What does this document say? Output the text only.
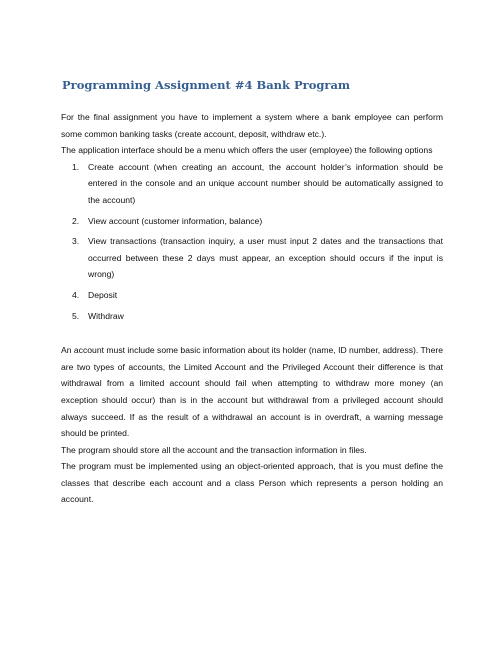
Programming Assignment #4 Bank Program

For the final assignment you have to implement a system where a bank employee can perform some common banking tasks (create account, deposit, withdraw etc.).

The application interface should be a menu which offers the user (employee) the following options

1. Create account (when creating an account, the account holder’s information should be entered in the console and an unique account number should be automatically assigned to the account)
2. View account (customer information, balance)
3. View transactions (transaction inquiry, a user must input 2 dates and the transactions that occurred between these 2 days must appear, an exception should occurs if the input is wrong)
4. Deposit
5. Withdraw

An account must include some basic information about its holder (name, ID number, address). There are two types of accounts, the Limited Account and the Privileged Account their difference is that withdrawal from a limited account should fail when attempting to withdraw more money (an exception should occur) than is in the account but withdrawal from a privileged account should always succeed. If as the result of a withdrawal an account is in overdraft, a warning message should be printed.

The program should store all the account and the transaction information in files.

The program must be implemented using an object-oriented approach, that is you must define the classes that describe each account and a class Person which represents a person holding an account.
